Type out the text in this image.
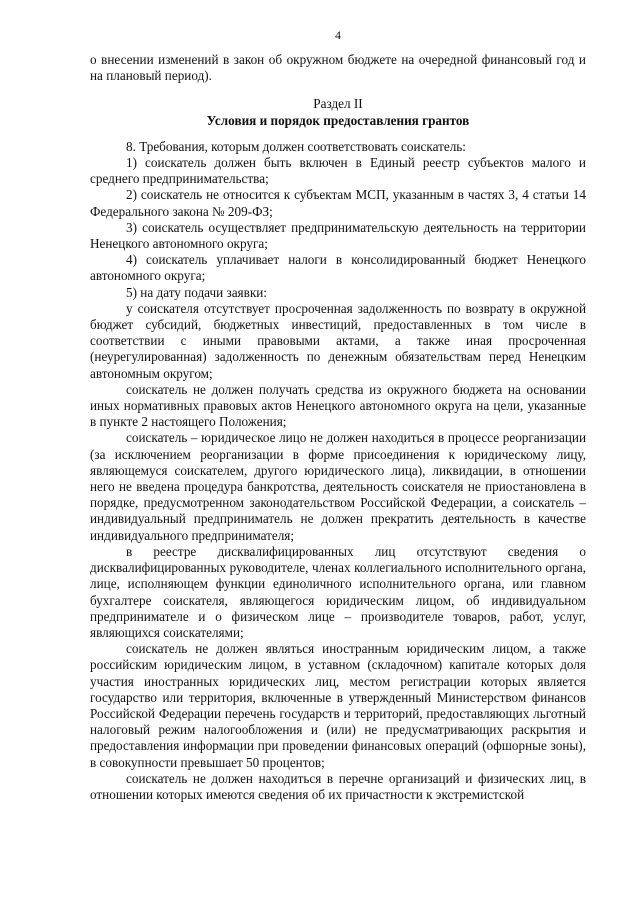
4

о внесении изменений в закон об окружном бюджете на очередной финансовый год и на плановый период).

Раздел II
Условия и порядок предоставления грантов

8. Требования, которым должен соответствовать соискатель:

1) соискатель должен быть включен в Единый реестр субъектов малого и среднего предпринимательства;

2) соискатель не относится к субъектам МСП, указанным в частях 3, 4 статьи 14 Федерального закона № 209-ФЗ;

3) соискатель осуществляет предпринимательскую деятельность на территории Ненецкого автономного округа;

4) соискатель уплачивает налоги в консолидированный бюджет Ненецкого автономного округа;

5) на дату подачи заявки:

у соискателя отсутствует просроченная задолженность по возврату в окружной бюджет субсидий, бюджетных инвестиций, предоставленных в том числе в соответствии с иными правовыми актами, а также иная просроченная (неурегулированная) задолженность по денежным обязательствам перед Ненецким автономным округом;

соискатель не должен получать средства из окружного бюджета на основании иных нормативных правовых актов Ненецкого автономного округа на цели, указанные в пункте 2 настоящего Положения;

соискатель – юридическое лицо не должен находиться в процессе реорганизации (за исключением реорганизации в форме присоединения к юридическому лицу, являющемуся соискателем, другого юридического лица), ликвидации, в отношении него не введена процедура банкротства, деятельность соискателя не приостановлена в порядке, предусмотренном законодательством Российской Федерации, а соискатель – индивидуальный предприниматель не должен прекратить деятельность в качестве индивидуального предпринимателя;

в реестре дисквалифицированных лиц отсутствуют сведения о дисквалифицированных руководителе, членах коллегиального исполнительного органа, лице, исполняющем функции единоличного исполнительного органа, или главном бухгалтере соискателя, являющегося юридическим лицом, об индивидуальном предпринимателе и о физическом лице – производителе товаров, работ, услуг, являющихся соискателями;

соискатель не должен являться иностранным юридическим лицом, а также российским юридическим лицом, в уставном (складочном) капитале которых доля участия иностранных юридических лиц, местом регистрации которых является государство или территория, включенные в утвержденный Министерством финансов Российской Федерации перечень государств и территорий, предоставляющих льготный налоговый режим налогообложения и (или) не предусматривающих раскрытия и предоставления информации при проведении финансовых операций (офшорные зоны), в совокупности превышает 50 процентов;

соискатель не должен находиться в перечне организаций и физических лиц, в отношении которых имеются сведения об их причастности к экстремистской
